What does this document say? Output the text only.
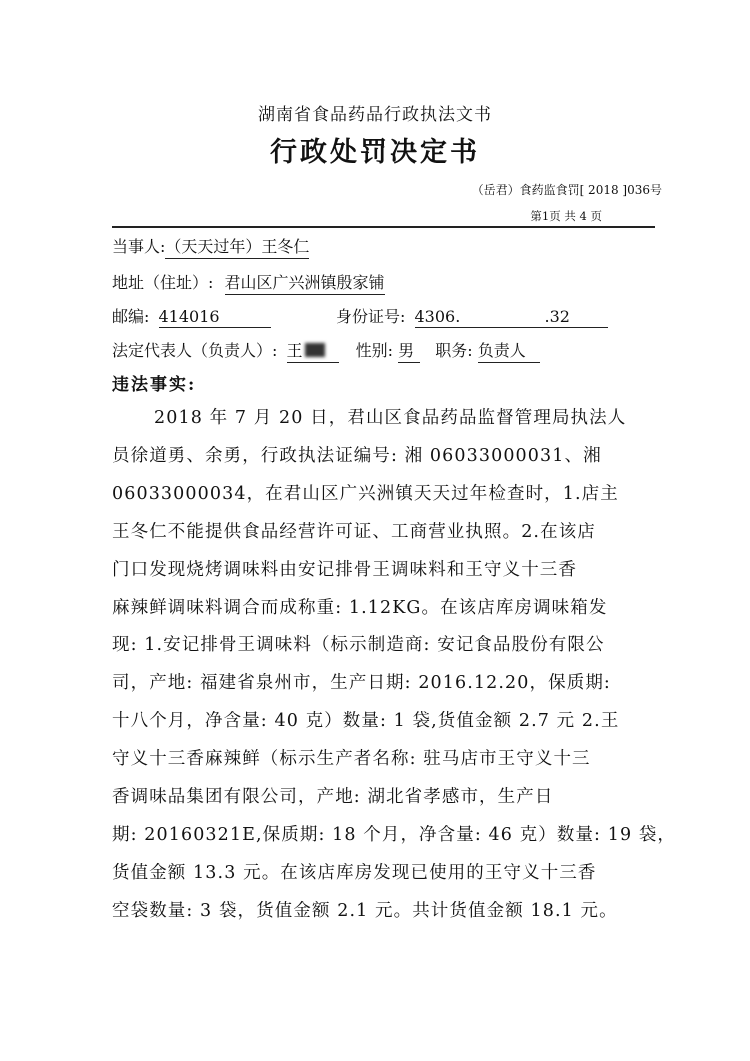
湖南省食品药品行政执法文书
行政处罚决定书
（岳君）食药监食罚[ 2018 ]036号
第1页 共 4 页
当事人:（天天过年）王冬仁
地址（住址）: 君山区广兴洲镇殷家铺
邮编: 414016	身份证号: 4306.	.32
法定代表人（负责人）: 王	性别: 男 职务: 负责人
违法事实:
2018 年 7 月 20 日，君山区食品药品监督管理局执法人
员徐道勇、余勇，行政执法证编号: 湘 06033000031、湘
06033000034，在君山区广兴洲镇天天过年检查时，1.店主
王冬仁不能提供食品经营许可证、工商营业执照。2.在该店
门口发现烧烤调味料由安记排骨王调味料和王守义十三香
麻辣鲜调味料调合而成称重: 1.12KG。在该店库房调味箱发
现: 1.安记排骨王调味料（标示制造商: 安记食品股份有限公
司，产地: 福建省泉州市，生产日期: 2016.12.20，保质期:
十八个月，净含量: 40 克）数量: 1 袋,货值金额 2.7 元 2.王
守义十三香麻辣鲜（标示生产者名称: 驻马店市王守义十三
香调味品集团有限公司，产地: 湖北省孝感市，生产日
期: 20160321E,保质期: 18 个月，净含量: 46 克）数量: 19 袋，
货值金额 13.3 元。在该店库房发现已使用的王守义十三香
空袋数量: 3 袋，货值金额 2.1 元。共计货值金额 18.1 元。
